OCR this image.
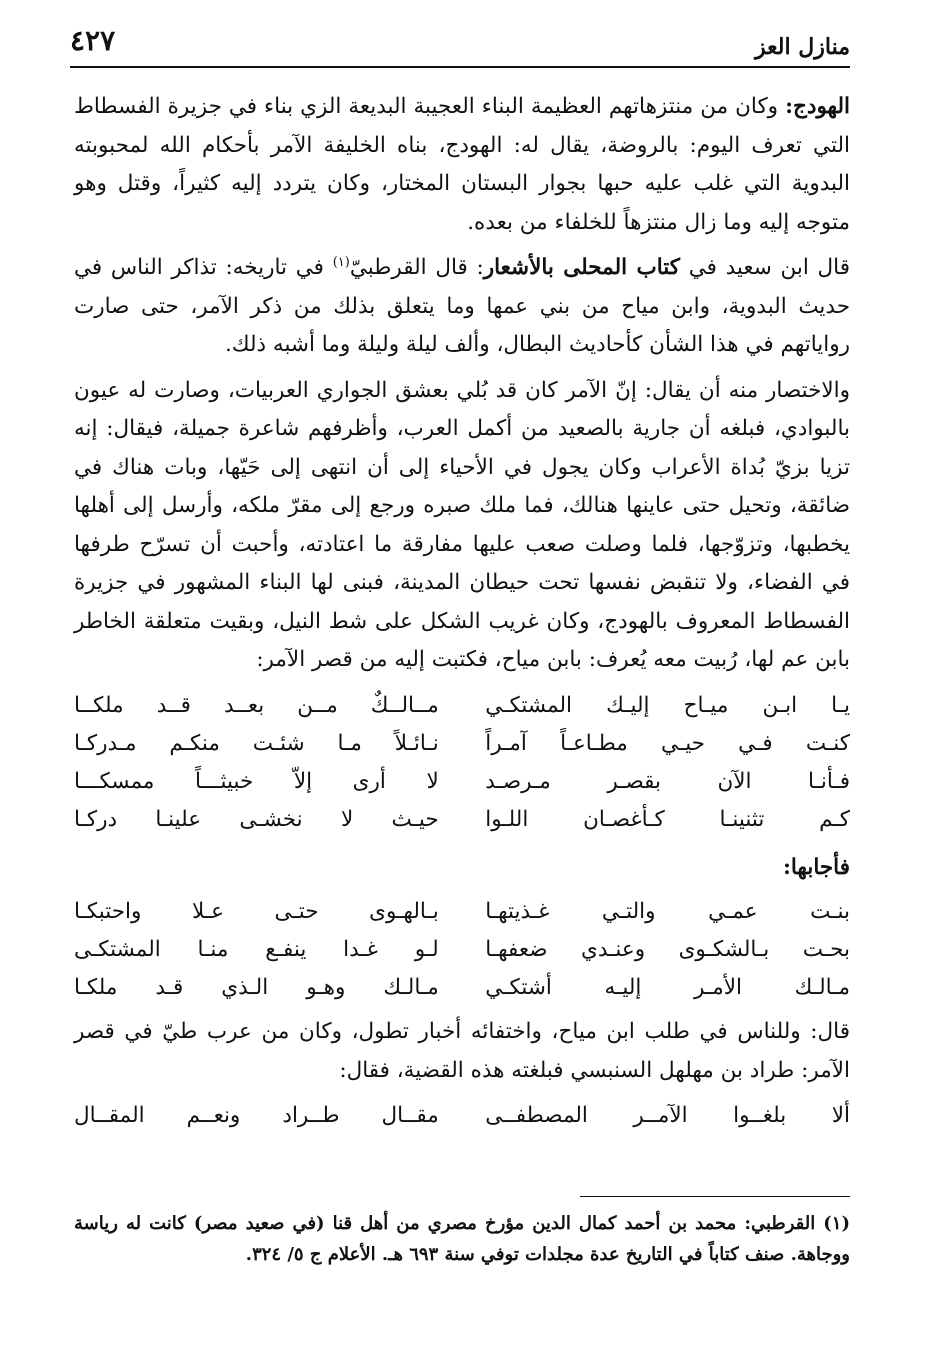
منازل العز
٤٢٧

الهودج: وكان من منتزهاتهم العظيمة البناء العجيبة البديعة الزي بناء في جزيرة الفسطاط التي تعرف اليوم: بالروضة، يقال له: الهودج، بناه الخليفة الآمر بأحكام الله لمحبوبته البدوية التي غلب عليه حبها بجوار البستان المختار، وكان يتردد إليه كثيراً، وقتل وهو متوجه إليه وما زال منتزهاً للخلفاء من بعده.

قال ابن سعيد في كتاب المحلى بالأشعار: قال القرطبيّ$^{(١)}$ في تاريخه: تذاكر الناس في حديث البدوية، وابن مياح من بني عمها وما يتعلق بذلك من ذكر الآمر، حتى صارت رواياتهم في هذا الشأن كأحاديث البطال، وألف ليلة وليلة وما أشبه ذلك.

والاختصار منه أن يقال: إنّ الآمر كان قد بُلي بعشق الجواري العربيات، وصارت له عيون بالبوادي، فبلغه أن جارية بالصعيد من أكمل العرب، وأظرفهم شاعرة جميلة، فيقال: إنه تزيا بزيّ بُداة الأعراب وكان يجول في الأحياء إلى أن انتهى إلى حَيّها، وبات هناك في ضائقة، وتحيل حتى عاينها هنالك، فما ملك صبره ورجع إلى مقرّ ملكه، وأرسل إلى أهلها يخطبها، وتزوّجها، فلما وصلت صعب عليها مفارقة ما اعتادته، وأحبت أن تسرّح طرفها في الفضاء، ولا تنقبض نفسها تحت حيطان المدينة، فبنى لها البناء المشهور في جزيرة الفسطاط المعروف بالهودج، وكان غريب الشكل على شط النيل، وبقيت متعلقة الخاطر بابن عم لها، رُبيت معه يُعرف: بابن مياح، فكتبت إليه من قصر الآمر:

يـا ابـن ميـاح إليـك المشتكـي
مــالــكٌ مــن بعــد قــد ملكــا
كنـت فـي حيـي مطـاعـاً آمـراً
نـائـلاً مـا شئـت منكـم مـدركـا
فـأنـا الآن بقصـر مـرصـد
لا أرى إلاّ خبيثـــاً ممسكـــا
كـم تثنينـا كـأغصـان اللـوا
حيـث لا نخشـى علينـا دركـا
فأجابها:
بنـت عمـي والتـي غـذيتهـا
بـالهـوى حتـى عـلا واحتبكـا
بحـت بـالشكـوى وعنـدي ضعفهـا
لـو غـدا ينفـع منـا المشتكـى
مـالـك الأمـر إليـه أشتكـي
مـالـك وهـو الـذي قـد ملكـا

قال: وللناس في طلب ابن مياح، واختفائه أخبار تطول، وكان من عرب طيّ في قصر الآمر: طراد بن مهلهل السنبسي فبلغته هذه القضية، فقال:

ألا بلغــوا الآمــر المصطفــى
مقــال طــراد ونعــم المقــال
(١) القرطبي: محمد بن أحمد كمال الدين مؤرخ مصري من أهل قنا (في صعيد مصر) كانت له رياسة ووجاهة. صنف كتاباً في التاريخ عدة مجلدات توفي سنة ٦٩٣ هـ. الأعلام ج ٥/ ٣٢٤.
